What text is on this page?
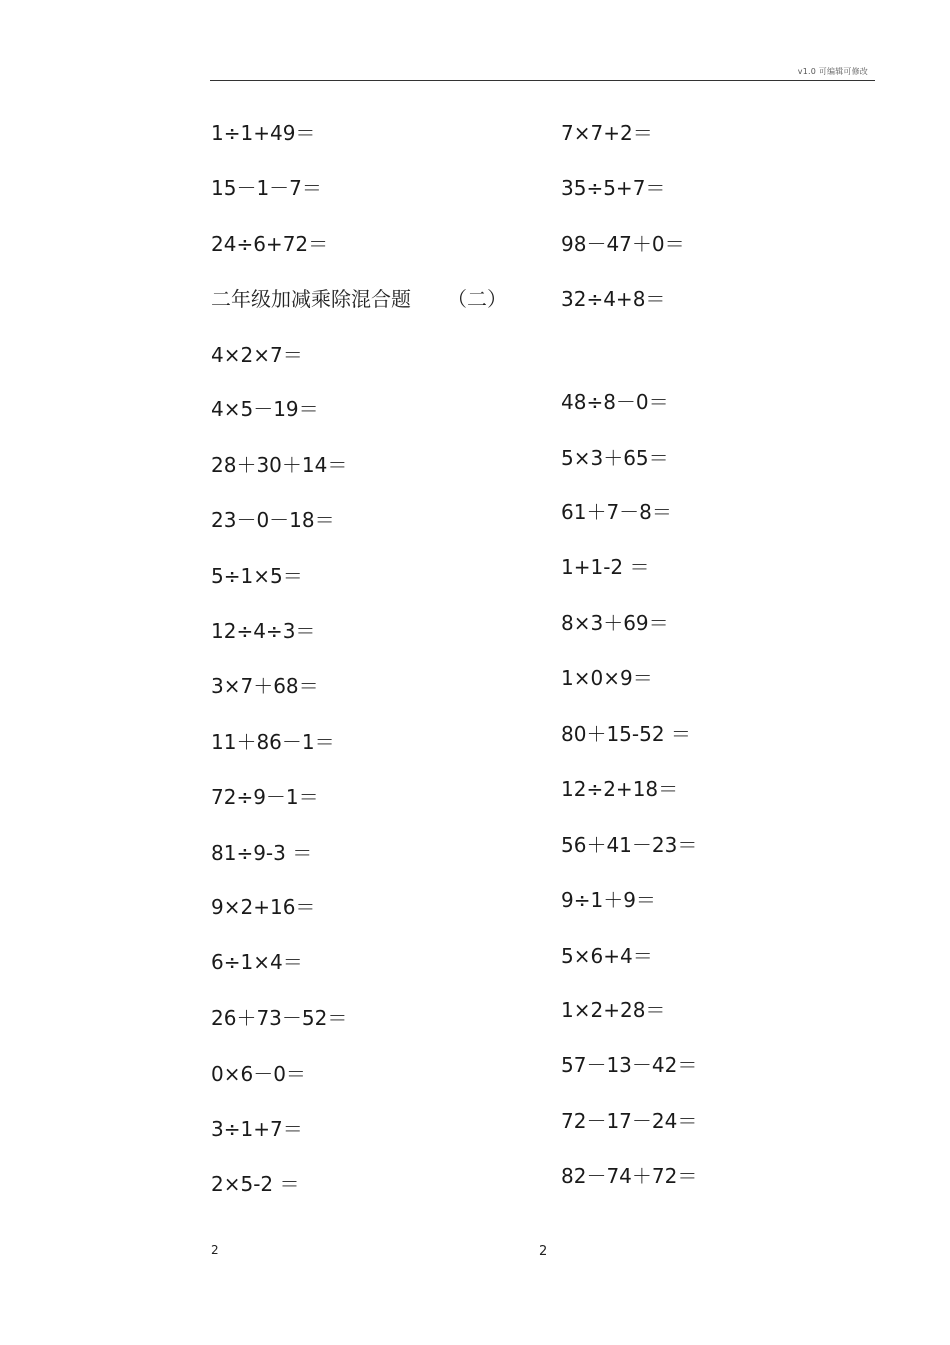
v1.0 可编辑可修改
二年级加减乘除混合题 （二）
1÷1+49＝
15－1－7＝
24÷6+72＝
4×2×7＝
4×5－19＝
28＋30＋14＝
23－0－18＝
5÷1×5＝
12÷4÷3＝
3×7＋68＝
11＋86－1＝
72÷9－1＝
81÷9-3 ＝
9×2+16＝
6÷1×4＝
26＋73－52＝
0×6－0＝
3÷1+7＝
2×5-2 ＝
7×7+2＝
35÷5+7＝
98－47＋0＝
32÷4+8＝
48÷8－0＝
5×3＋65＝
61＋7－8＝
1+1-2 ＝
8×3＋69＝
1×0×9＝
80＋15-52 ＝
12÷2+18＝
56＋41－23＝
9÷1＋9＝
5×6+4＝
1×2+28＝
57－13－42＝
72－17－24＝
82－74＋72＝
2	2
